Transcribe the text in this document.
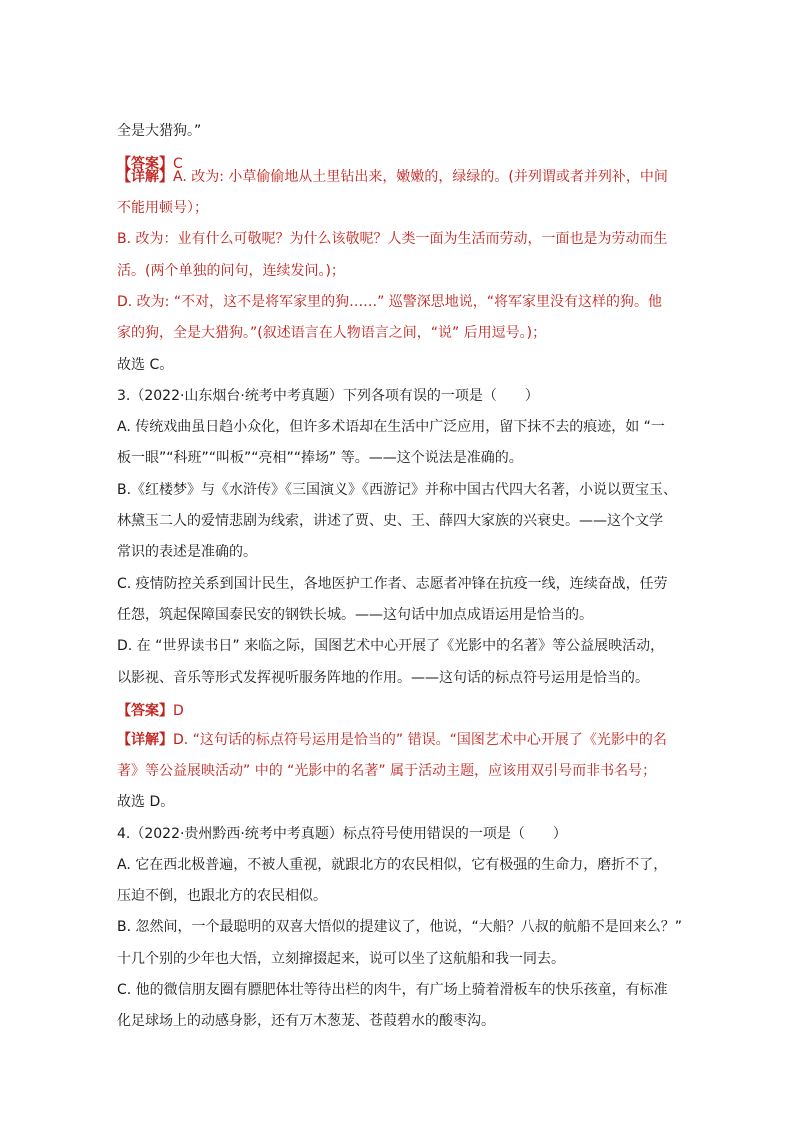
全是大猎狗。”
【答案】C
【详解】A. 改为: 小草偷偷地从土里钻出来，嫩嫩的，绿绿的。(并列谓或者并列补，中间
不能用顿号）；
B. 改为：业有什么可敬呢？为什么该敬呢？人类一面为生活而劳动，一面也是为劳动而生
活。(两个单独的问句，连续发问。)；
D. 改为: “不对，这不是将军家里的狗……” 巡警深思地说，“将军家里没有这样的狗。他
家的狗，全是大猎狗。”(叙述语言在人物语言之间，“说” 后用逗号。)；
故选 C。
3.（2022·山东烟台·统考中考真题）下列各项有误的一项是（　　）
A. 传统戏曲虽日趋小众化，但许多术语却在生活中广泛应用，留下抹不去的痕迹，如 “一
板一眼”“科班”“叫板”“亮相”“捧场” 等。——这个说法是准确的。
B.《红楼梦》与《水浒传》《三国演义》《西游记》并称中国古代四大名著，小说以贾宝玉、
林黛玉二人的爱情悲剧为线索，讲述了贾、史、王、薛四大家族的兴衰史。——这个文学
常识的表述是准确的。
C. 疫情防控关系到国计民生，各地医护工作者、志愿者冲锋在抗疫一线，连续奋战，任劳
任怨，筑起保障国泰民安的钢铁长城。——这句话中加点成语运用是恰当的。
D. 在 “世界读书日” 来临之际，国图艺术中心开展了《光影中的名著》等公益展映活动，
以影视、音乐等形式发挥视听服务阵地的作用。——这句话的标点符号运用是恰当的。
【答案】D
【详解】D. “这句话的标点符号运用是恰当的” 错误。“国图艺术中心开展了《光影中的名
著》等公益展映活动” 中的 “光影中的名著” 属于活动主题，应该用双引号而非书名号；
故选 D。
4.（2022·贵州黔西·统考中考真题）标点符号使用错误的一项是（　　）
A. 它在西北极普遍，不被人重视，就跟北方的农民相似，它有极强的生命力，磨折不了，
压迫不倒，也跟北方的农民相似。
B. 忽然间，一个最聪明的双喜大悟似的提建议了，他说，“大船？八叔的航船不是回来么？”
十几个别的少年也大悟，立刻撺掇起来，说可以坐了这航船和我一同去。
C. 他的微信朋友圈有膘肥体壮等待出栏的肉牛，有广场上骑着滑板车的快乐孩童，有标准
化足球场上的动感身影，还有万木葱茏、苍葭碧水的酸枣沟。
